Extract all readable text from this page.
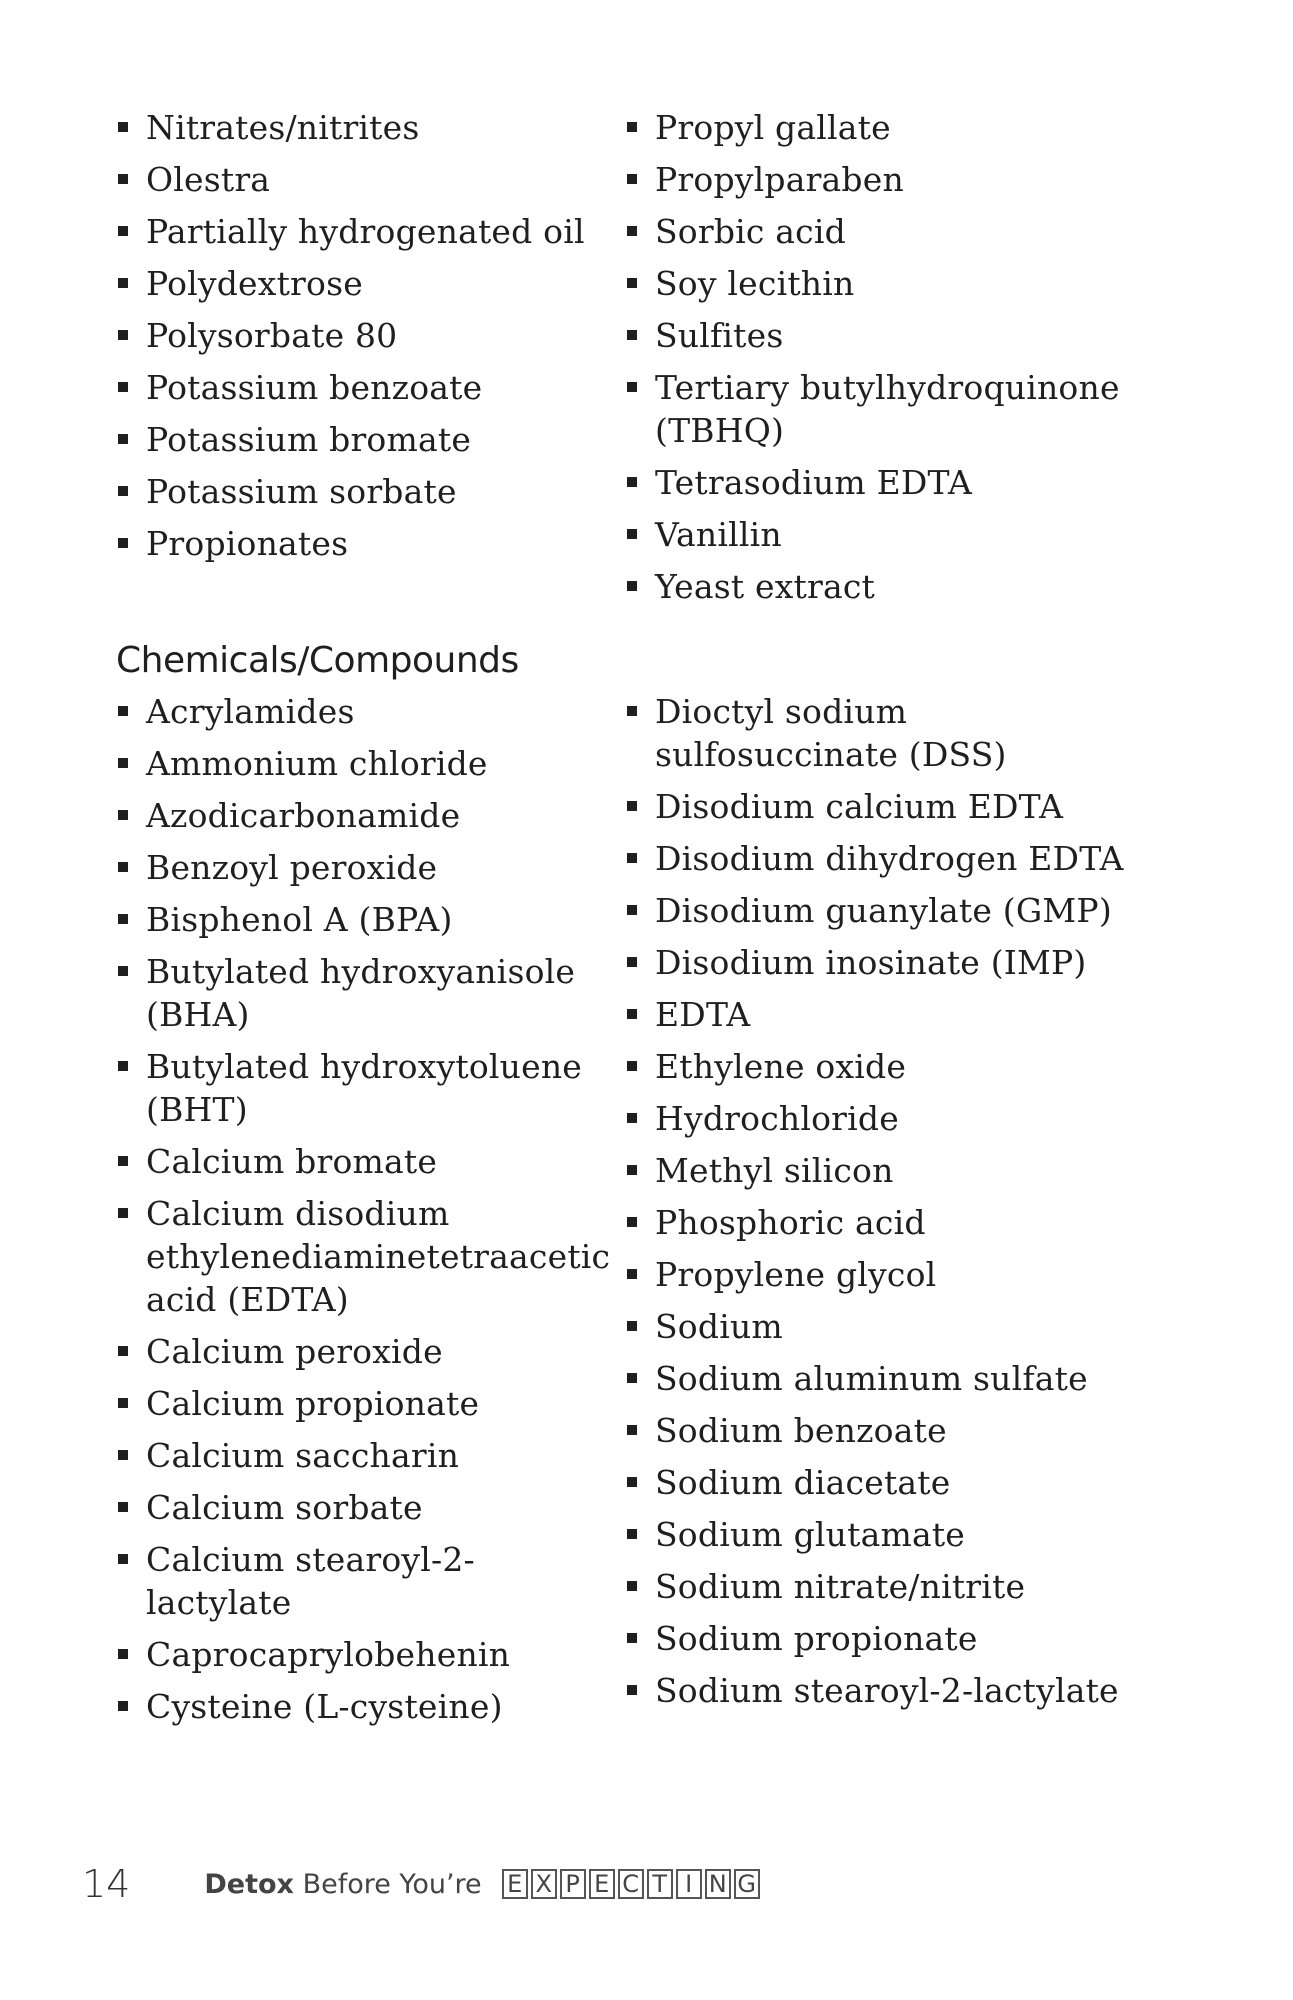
Nitrates/nitrites
Olestra
Partially hydrogenated oil
Polydextrose
Polysorbate 80
Potassium benzoate
Potassium bromate
Potassium sorbate
Propionates
Propyl gallate
Propylparaben
Sorbic acid
Soy lecithin
Sulfites
Tertiary butylhydroquinone (TBHQ)
Tetrasodium EDTA
Vanillin
Yeast extract
Chemicals/Compounds
Acrylamides
Ammonium chloride
Azodicarbonamide
Benzoyl peroxide
Bisphenol A (BPA)
Butylated hydroxyanisole (BHA)
Butylated hydroxytoluene (BHT)
Calcium bromate
Calcium disodium ethylenediaminetetraacetic acid (EDTA)
Calcium peroxide
Calcium propionate
Calcium saccharin
Calcium sorbate
Calcium stearoyl-2-lactylate
Caprocaprylobehenin
Cysteine (L-cysteine)
Dioctyl sodium sulfosuccinate (DSS)
Disodium calcium EDTA
Disodium dihydrogen EDTA
Disodium guanylate (GMP)
Disodium inosinate (IMP)
EDTA
Ethylene oxide
Hydrochloride
Methyl silicon
Phosphoric acid
Propylene glycol
Sodium
Sodium aluminum sulfate
Sodium benzoate
Sodium diacetate
Sodium glutamate
Sodium nitrate/nitrite
Sodium propionate
Sodium stearoyl-2-lactylate
14	Detox Before You’re E X P E C T I N G
